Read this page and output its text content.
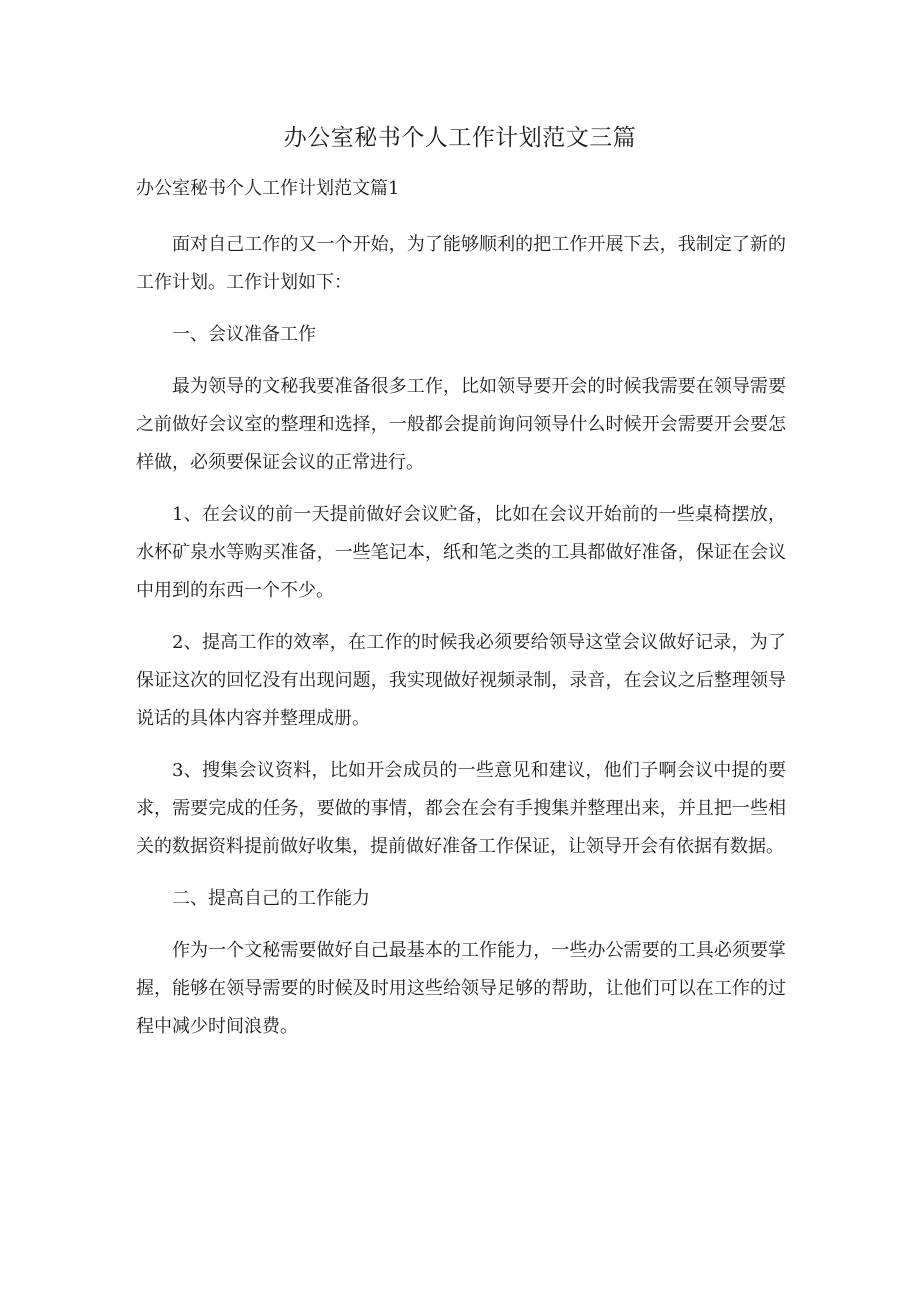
办公室秘书个人工作计划范文三篇

办公室秘书个人工作计划范文篇1

面对自己工作的又一个开始，为了能够顺利的把工作开展下去，我制定了新的工作计划。工作计划如下：

一、会议准备工作

最为领导的文秘我要准备很多工作，比如领导要开会的时候我需要在领导需要之前做好会议室的整理和选择，一般都会提前询问领导什么时候开会需要开会要怎样做，必须要保证会议的正常进行。

1、在会议的前一天提前做好会议贮备，比如在会议开始前的一些桌椅摆放，水杯矿泉水等购买准备，一些笔记本，纸和笔之类的工具都做好准备，保证在会议中用到的东西一个不少。

2、提高工作的效率，在工作的时候我必须要给领导这堂会议做好记录，为了保证这次的回忆没有出现问题，我实现做好视频录制，录音，在会议之后整理领导说话的具体内容并整理成册。

3、搜集会议资料，比如开会成员的一些意见和建议，他们子啊会议中提的要求，需要完成的任务，要做的事情，都会在会有手搜集并整理出来，并且把一些相关的数据资料提前做好收集，提前做好准备工作保证，让领导开会有依据有数据。

二、提高自己的工作能力

作为一个文秘需要做好自己最基本的工作能力，一些办公需要的工具必须要掌握，能够在领导需要的时候及时用这些给领导足够的帮助，让他们可以在工作的过程中减少时间浪费。
